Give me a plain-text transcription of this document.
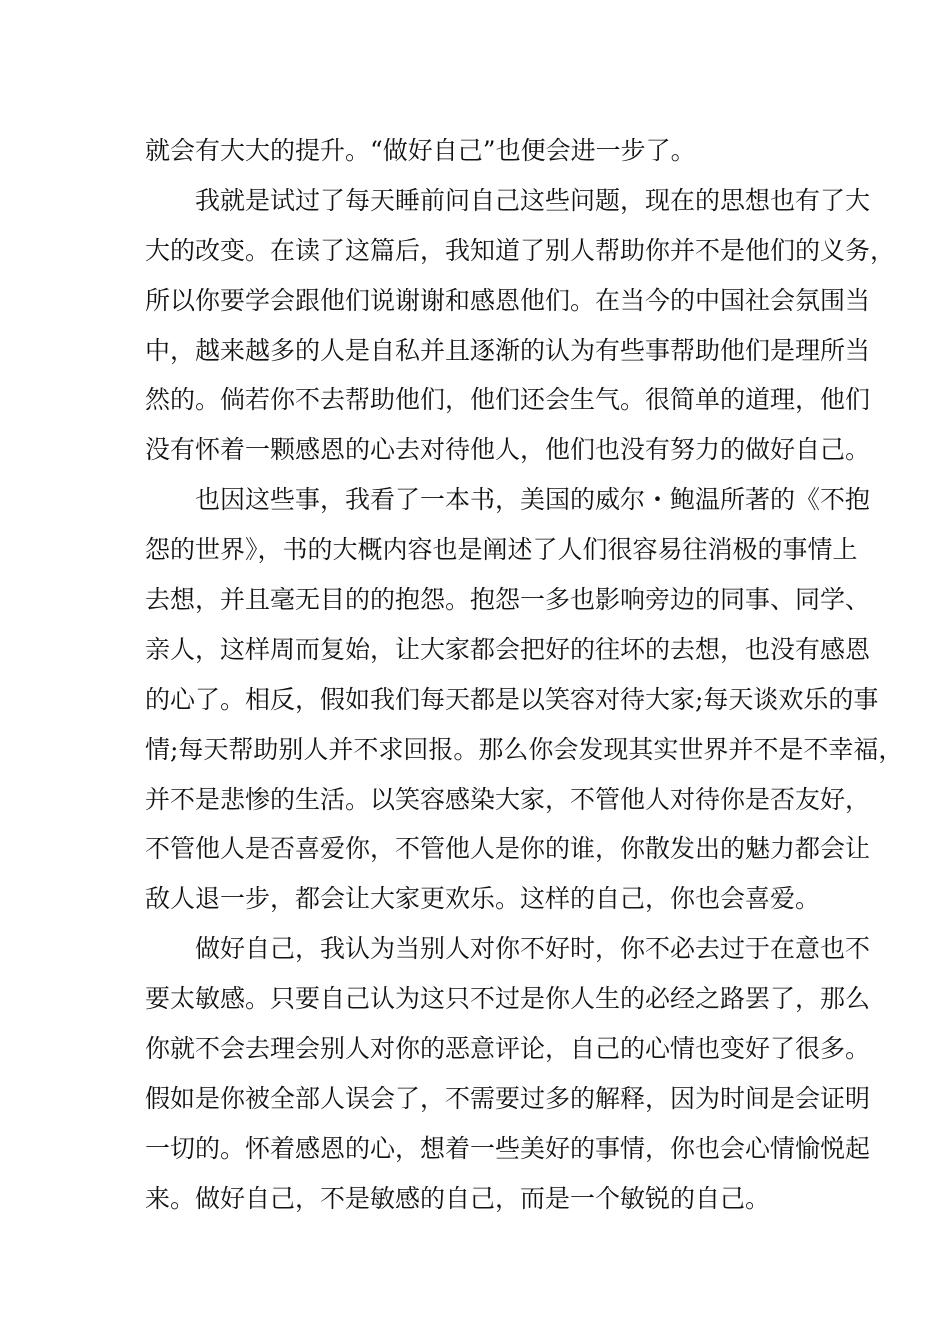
就会有大大的提升。“做好自己”也便会进一步了。
　　我就是试过了每天睡前问自己这些问题，现在的思想也有了大
大的改变。在读了这篇后，我知道了别人帮助你并不是他们的义务，
所以你要学会跟他们说谢谢和感恩他们。在当今的中国社会氛围当
中，越来越多的人是自私并且逐渐的认为有些事帮助他们是理所当
然的。倘若你不去帮助他们，他们还会生气。很简单的道理，他们
没有怀着一颗感恩的心去对待他人，他们也没有努力的做好自己。
　　也因这些事，我看了一本书，美国的威尔・鲍温所著的《不抱
怨的世界》，书的大概内容也是阐述了人们很容易往消极的事情上
去想，并且毫无目的的抱怨。抱怨一多也影响旁边的同事、同学、
亲人，这样周而复始，让大家都会把好的往坏的去想，也没有感恩
的心了。相反，假如我们每天都是以笑容对待大家;每天谈欢乐的事
情;每天帮助别人并不求回报。那么你会发现其实世界并不是不幸福，
并不是悲惨的生活。以笑容感染大家，不管他人对待你是否友好，
不管他人是否喜爱你，不管他人是你的谁，你散发出的魅力都会让
敌人退一步，都会让大家更欢乐。这样的自己，你也会喜爱。
　　做好自己，我认为当别人对你不好时，你不必去过于在意也不
要太敏感。只要自己认为这只不过是你人生的必经之路罢了，那么
你就不会去理会别人对你的恶意评论，自己的心情也变好了很多。
假如是你被全部人误会了，不需要过多的解释，因为时间是会证明
一切的。怀着感恩的心，想着一些美好的事情，你也会心情愉悦起
来。做好自己，不是敏感的自己，而是一个敏锐的自己。
